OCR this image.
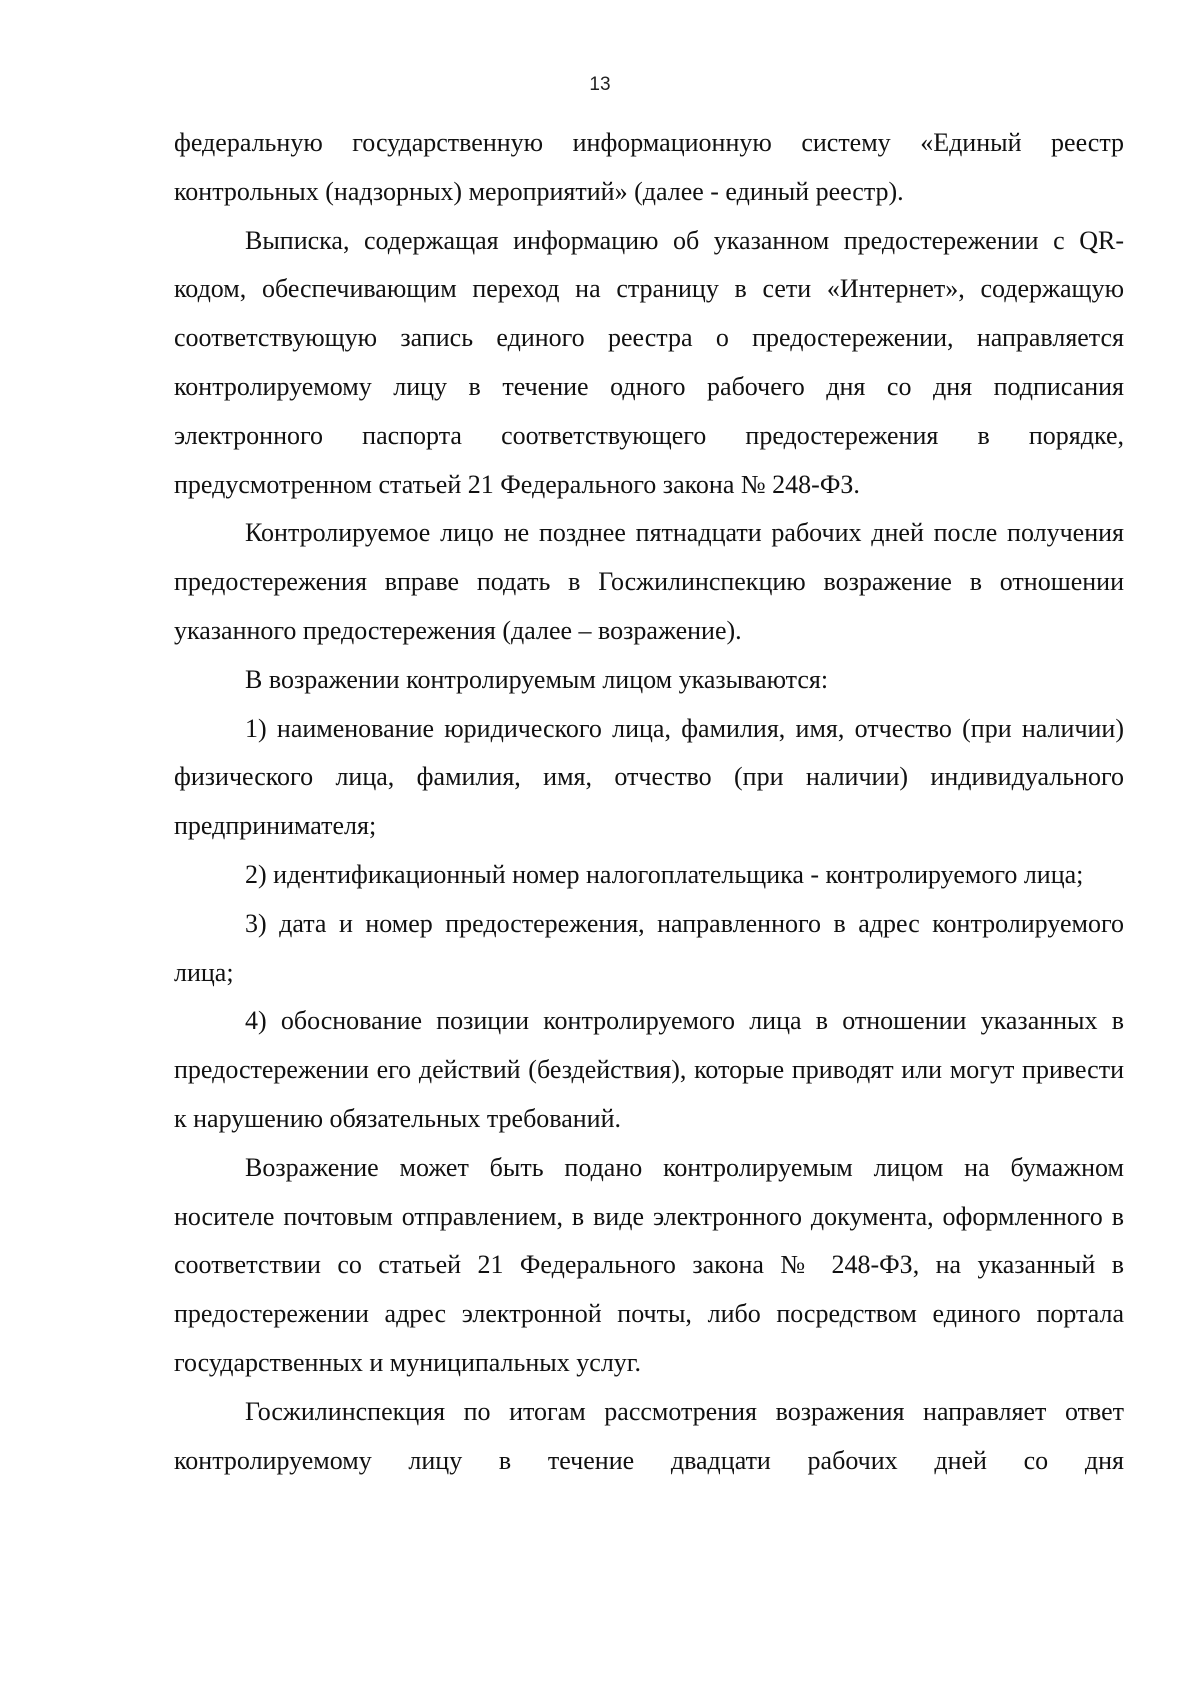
13

федеральную государственную информационную систему «Единый реестр контрольных (надзорных) мероприятий» (далее - единый реестр).

Выписка, содержащая информацию об указанном предостережении с QR-кодом, обеспечивающим переход на страницу в сети «Интернет», содержащую соответствующую запись единого реестра о предостережении, направляется контролируемому лицу в течение одного рабочего дня со дня подписания электронного паспорта соответствующего предостережения в порядке, предусмотренном статьей 21 Федерального закона № 248-ФЗ.

Контролируемое лицо не позднее пятнадцати рабочих дней после получения предостережения вправе подать в Госжилинспекцию возражение в отношении указанного предостережения (далее – возражение).

В возражении контролируемым лицом указываются:

1) наименование юридического лица, фамилия, имя, отчество (при наличии) физического лица, фамилия, имя, отчество (при наличии) индивидуального предпринимателя;

2) идентификационный номер налогоплательщика - контролируемого лица;

3) дата и номер предостережения, направленного в адрес контролируемого лица;

4) обоснование позиции контролируемого лица в отношении указанных в предостережении его действий (бездействия), которые приводят или могут привести к нарушению обязательных требований.

Возражение может быть подано контролируемым лицом на бумажном носителе почтовым отправлением, в виде электронного документа, оформленного в соответствии со статьей 21 Федерального закона № 248-ФЗ, на указанный в предостережении адрес электронной почты, либо посредством единого портала государственных и муниципальных услуг.

Госжилинспекция по итогам рассмотрения возражения направляет ответ контролируемому лицу в течение двадцати рабочих дней со дня
